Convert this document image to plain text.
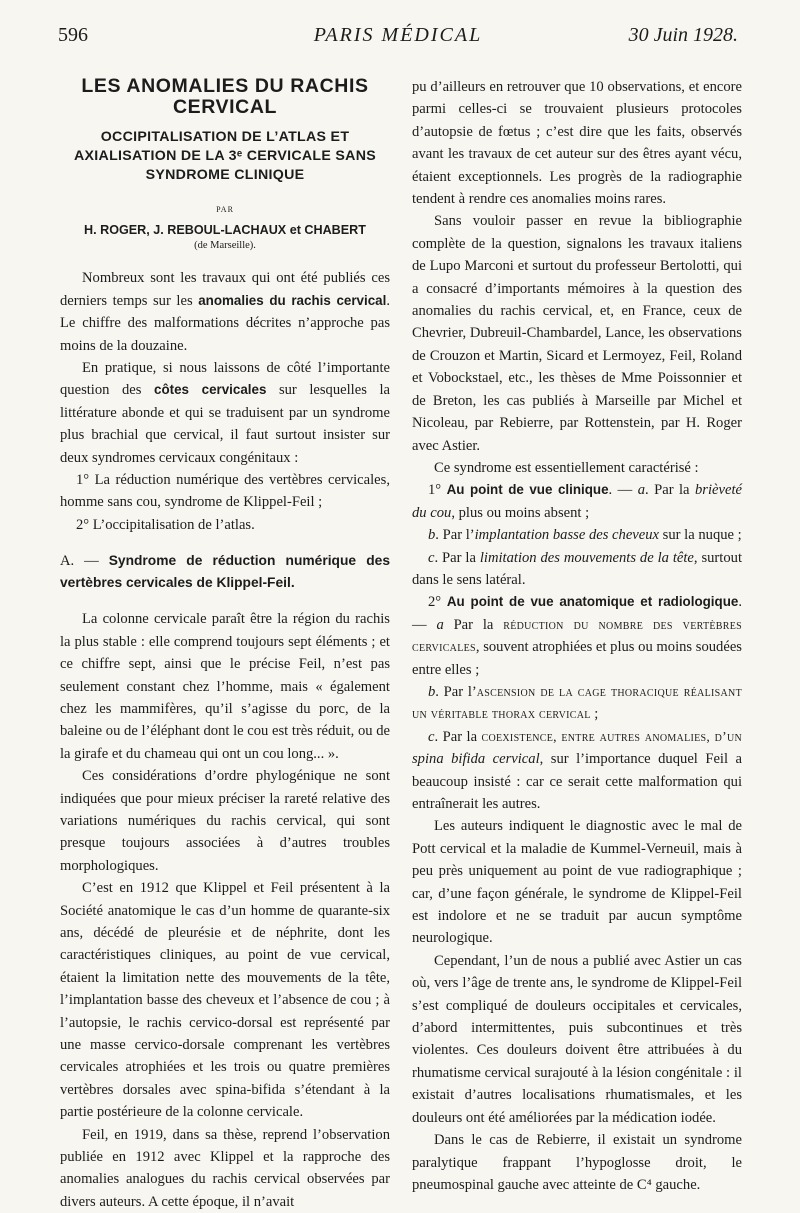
596	PARIS MÉDICAL	30 Juin 1928.
LES ANOMALIES DU RACHIS CERVICAL
OCCIPITALISATION DE L’ATLAS ET AXIALISATION DE LA 3ᵉ CERVICALE SANS SYNDROME CLINIQUE
PAR
H. ROGER, J. REBOUL-LACHAUX et CHABERT
(de Marseille).

Nombreux sont les travaux qui ont été publiés ces derniers temps sur les anomalies du rachis cervical. Le chiffre des malformations décrites n’approche pas moins de la douzaine.

En pratique, si nous laissons de côté l’importante question des côtes cervicales sur lesquelles la littérature abonde et qui se traduisent par un syndrome plus brachial que cervical, il faut surtout insister sur deux syndromes cervicaux congénitaux :

1° La réduction numérique des vertèbres cervicales, homme sans cou, syndrome de Klippel-Feil ;

2° L’occipitalisation de l’atlas.

A. — Syndrome de réduction numérique des vertèbres cervicales de Klippel-Feil.

La colonne cervicale paraît être la région du rachis la plus stable : elle comprend toujours sept éléments ; et ce chiffre sept, ainsi que le précise Feil, n’est pas seulement constant chez l’homme, mais « également chez les mammifères, qu’il s’agisse du porc, de la baleine ou de l’éléphant dont le cou est très réduit, ou de la girafe et du chameau qui ont un cou long... ».

Ces considérations d’ordre phylogénique ne sont indiquées que pour mieux préciser la rareté relative des variations numériques du rachis cervical, qui sont presque toujours associées à d’autres troubles morphologiques.

C’est en 1912 que Klippel et Feil présentent à la Société anatomique le cas d’un homme de quarante-six ans, décédé de pleurésie et de néphrite, dont les caractéristiques cliniques, au point de vue cervical, étaient la limitation nette des mouvements de la tête, l’implantation basse des cheveux et l’absence de cou ; à l’autopsie, le rachis cervico-dorsal est représenté par une masse cervico-dorsale comprenant les vertèbres cervicales atrophiées et les trois ou quatre premières vertèbres dorsales avec spina-bifida s’étendant à la partie postérieure de la colonne cervicale.

Feil, en 1919, dans sa thèse, reprend l’observation publiée en 1912 avec Klippel et la rapproche des anomalies analogues du rachis cervical observées par divers auteurs. A cette époque, il n’avait

pu d’ailleurs en retrouver que 10 observations, et encore parmi celles-ci se trouvaient plusieurs protocoles d’autopsie de fœtus ; c’est dire que les faits, observés avant les travaux de cet auteur sur des êtres ayant vécu, étaient exceptionnels. Les progrès de la radiographie tendent à rendre ces anomalies moins rares.

Sans vouloir passer en revue la bibliographie complète de la question, signalons les travaux italiens de Lupo Marconi et surtout du professeur Bertolotti, qui a consacré d’importants mémoires à la question des anomalies du rachis cervical, et, en France, ceux de Chevrier, Dubreuil-Chambardel, Lance, les observations de Crouzon et Martin, Sicard et Lermoyez, Feil, Roland et Vobockstael, etc., les thèses de Mme Poissonnier et de Breton, les cas publiés à Marseille par Michel et Nicoleau, par Rebierre, par Rottenstein, par H. Roger avec Astier.

Ce syndrome est essentiellement caractérisé :

1° Au point de vue clinique. — a. Par la brièveté du cou, plus ou moins absent ;

b. Par l’implantation basse des cheveux sur la nuque ;

c. Par la limitation des mouvements de la tête, surtout dans le sens latéral.

2° Au point de vue anatomique et radiologique. — a Par la réduction du nombre des vertèbres cervicales, souvent atrophiées et plus ou moins soudées entre elles ;

b. Par l’ascension de la cage thoracique réalisant un véritable thorax cervical ;

c. Par la coexistence, entre autres anomalies, d’un spina bifida cervical, sur l’importance duquel Feil a beaucoup insisté : car ce serait cette malformation qui entraînerait les autres.

Les auteurs indiquent le diagnostic avec le mal de Pott cervical et la maladie de Kummel-Verneuil, mais à peu près uniquement au point de vue radiographique ; car, d’une façon générale, le syndrome de Klippel-Feil est indolore et ne se traduit par aucun symptôme neurologique.

Cependant, l’un de nous a publié avec Astier un cas où, vers l’âge de trente ans, le syndrome de Klippel-Feil s’est compliqué de douleurs occipitales et cervicales, d’abord intermittentes, puis subcontinues et très violentes. Ces douleurs doivent être attribuées à du rhumatisme cervical surajouté à la lésion congénitale : il existait d’autres localisations rhumatismales, et les douleurs ont été améliorées par la médication iodée.

Dans le cas de Rebierre, il existait un syndrome paralytique frappant l’hypoglosse droit, le pneumospinal gauche avec atteinte de C⁴ gauche.
